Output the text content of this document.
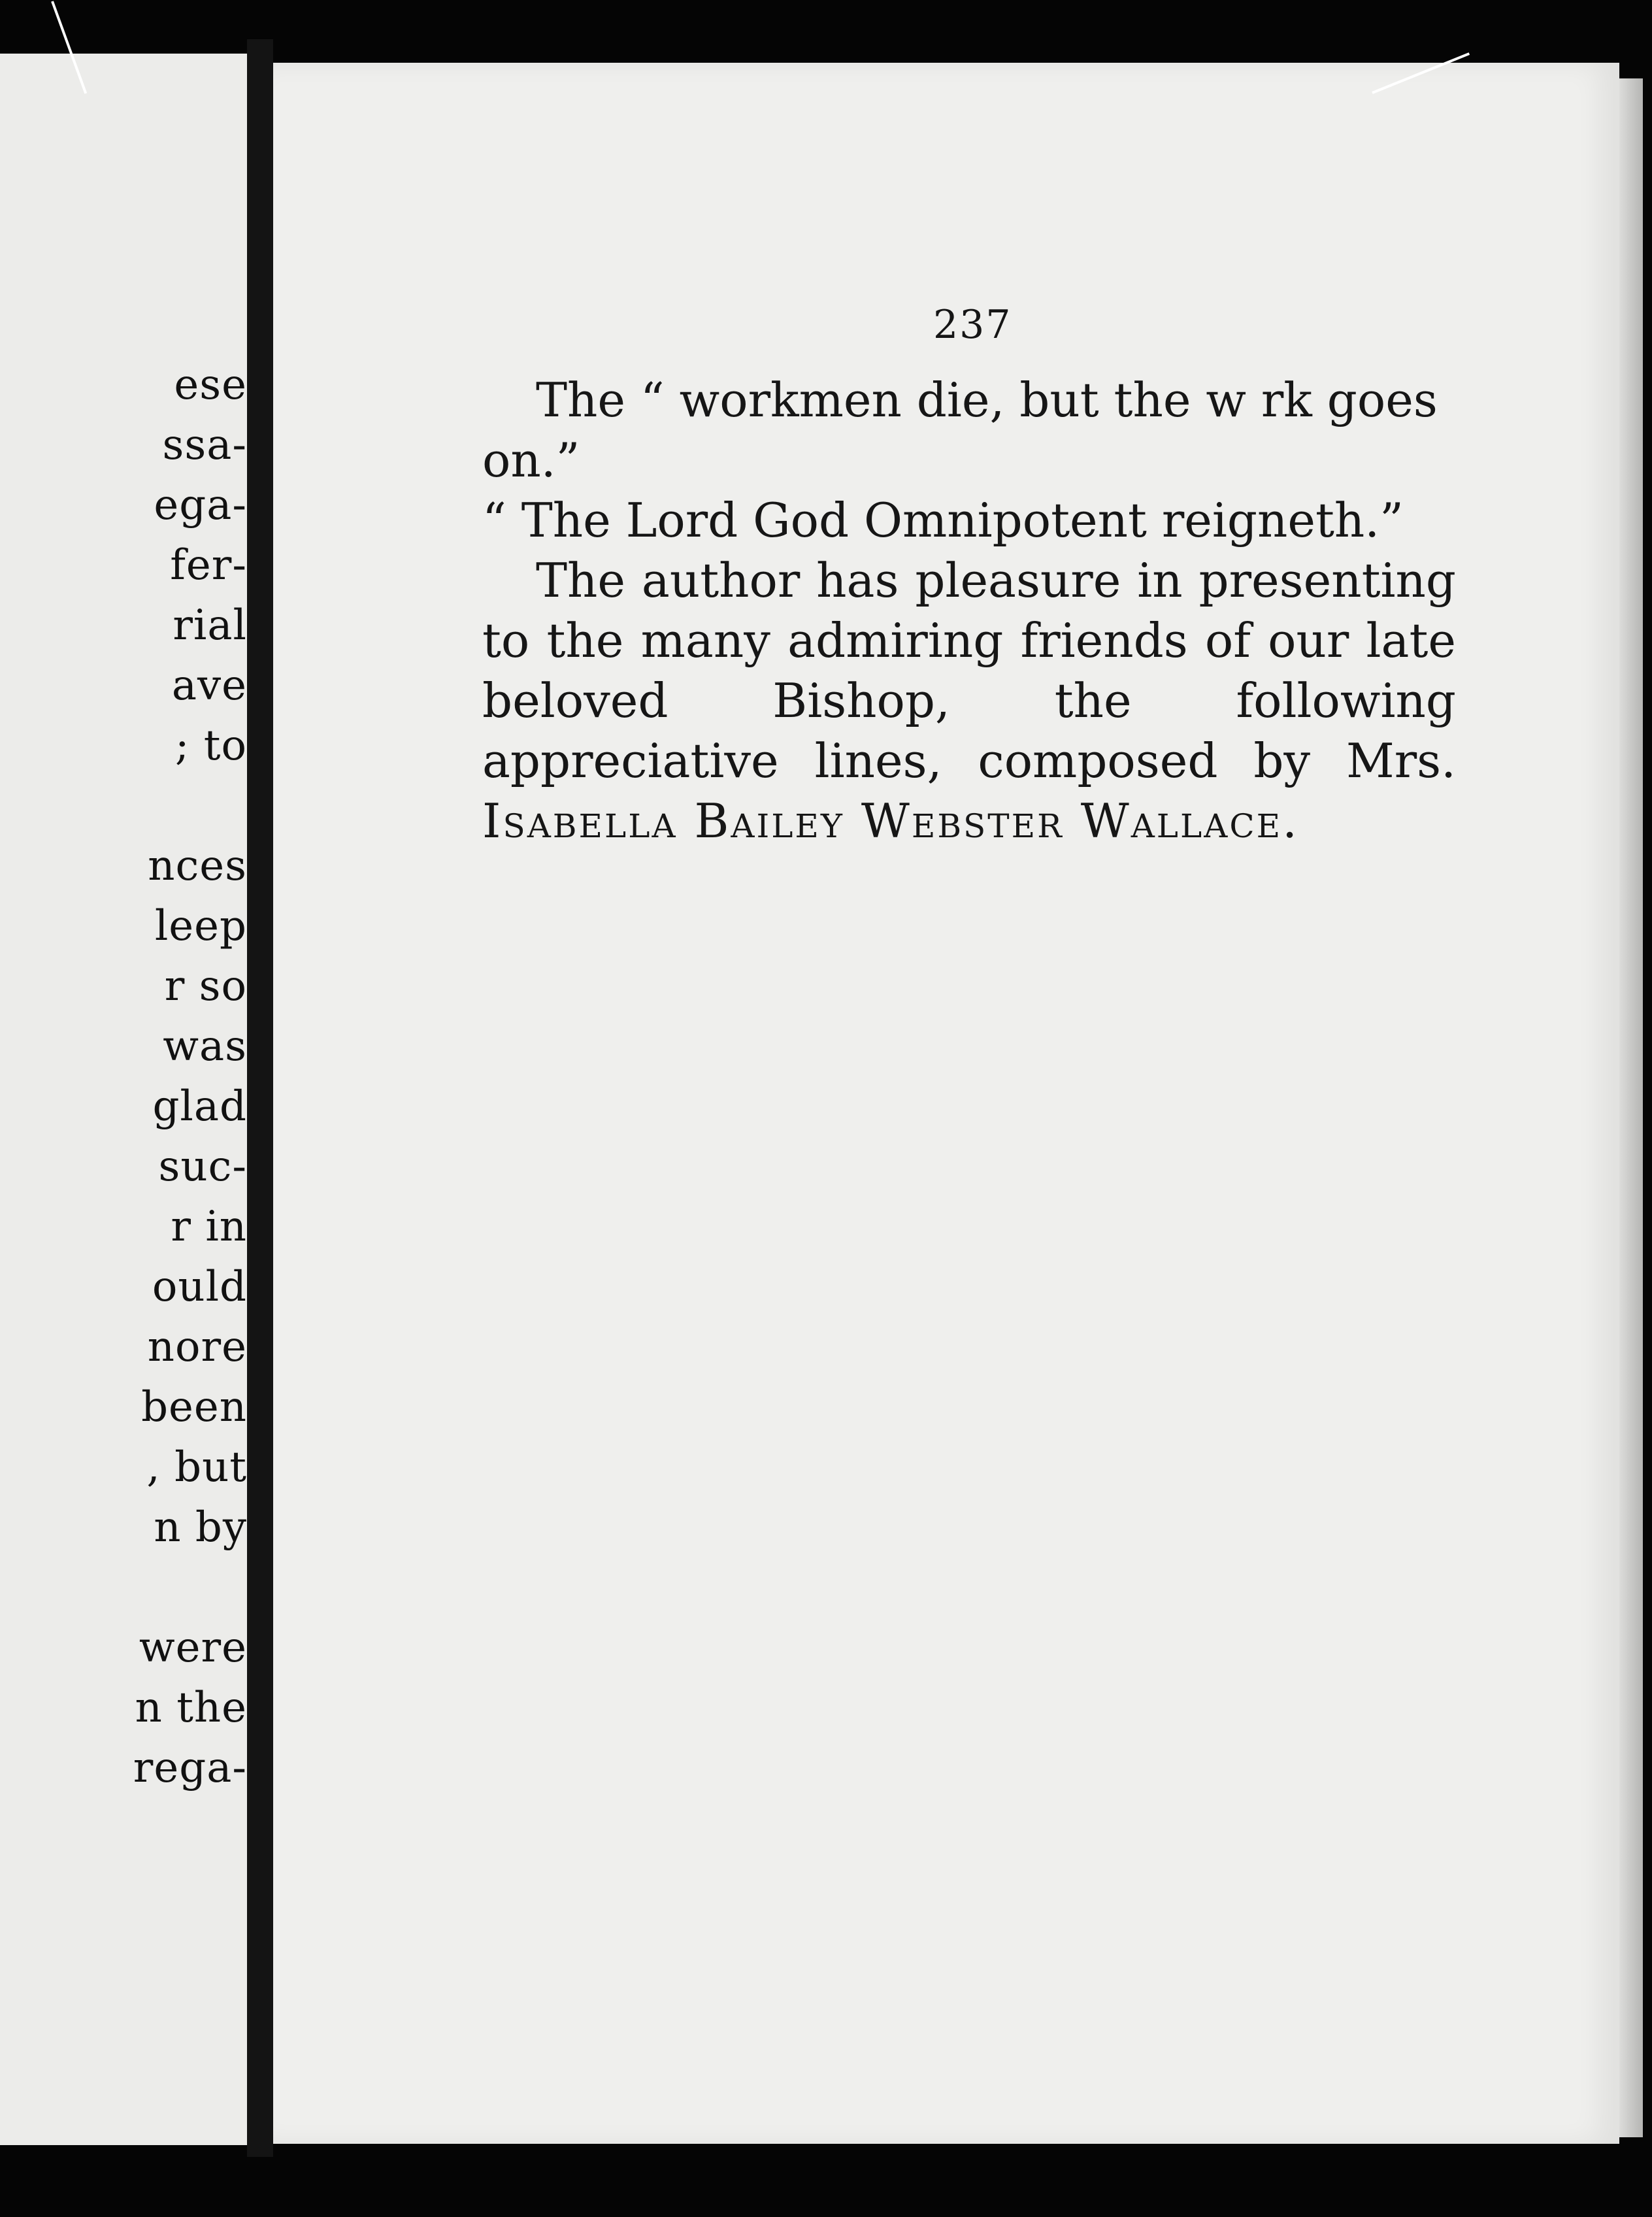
ese
ssa-
ega-
fer-
rial
ave
; to
nces
leep
r so
was
glad
suc-
r in
ould
nore
been
, but
n by
were
n the
rega-
237

The “ workmen die, but the w rk goes on.”

“ The Lord God Omnipotent reigneth.”

The author has pleasure in presenting to the many admiring friends of our late beloved Bishop, the following appreciative lines, composed by Mrs. Isabella Bailey Webster Wallace.
